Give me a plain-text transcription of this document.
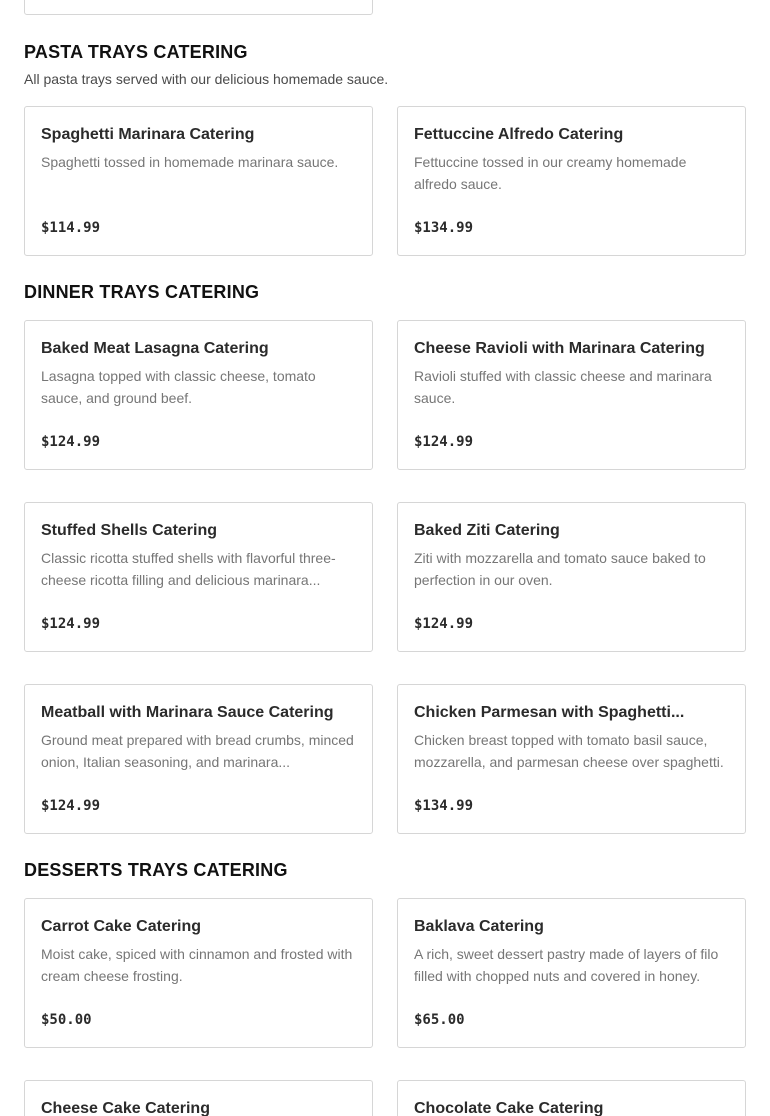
PASTA TRAYS CATERING

All pasta trays served with our delicious homemade sauce.

Spaghetti Marinara Catering
Spaghetti tossed in homemade marinara sauce.
$114.99
Fettuccine Alfredo Catering
Fettuccine tossed in our creamy homemade alfredo sauce.
$134.99
DINNER TRAYS CATERING
Baked Meat Lasagna Catering
Lasagna topped with classic cheese, tomato sauce, and ground beef.
$124.99
Cheese Ravioli with Marinara Catering
Ravioli stuffed with classic cheese and marinara sauce.
$124.99
Stuffed Shells Catering
Classic ricotta stuffed shells with flavorful three-cheese ricotta filling and delicious marinara...
$124.99
Baked Ziti Catering
Ziti with mozzarella and tomato sauce baked to perfection in our oven.
$124.99
Meatball with Marinara Sauce Catering
Ground meat prepared with bread crumbs, minced onion, Italian seasoning, and marinara...
$124.99
Chicken Parmesan with Spaghetti...
Chicken breast topped with tomato basil sauce, mozzarella, and parmesan cheese over spaghetti.
$134.99
DESSERTS TRAYS CATERING
Carrot Cake Catering
Moist cake, spiced with cinnamon and frosted with cream cheese frosting.
$50.00
Baklava Catering
A rich, sweet dessert pastry made of layers of filo filled with chopped nuts and covered in honey.
$65.00
Cheese Cake Catering	Chocolate Cake Catering
